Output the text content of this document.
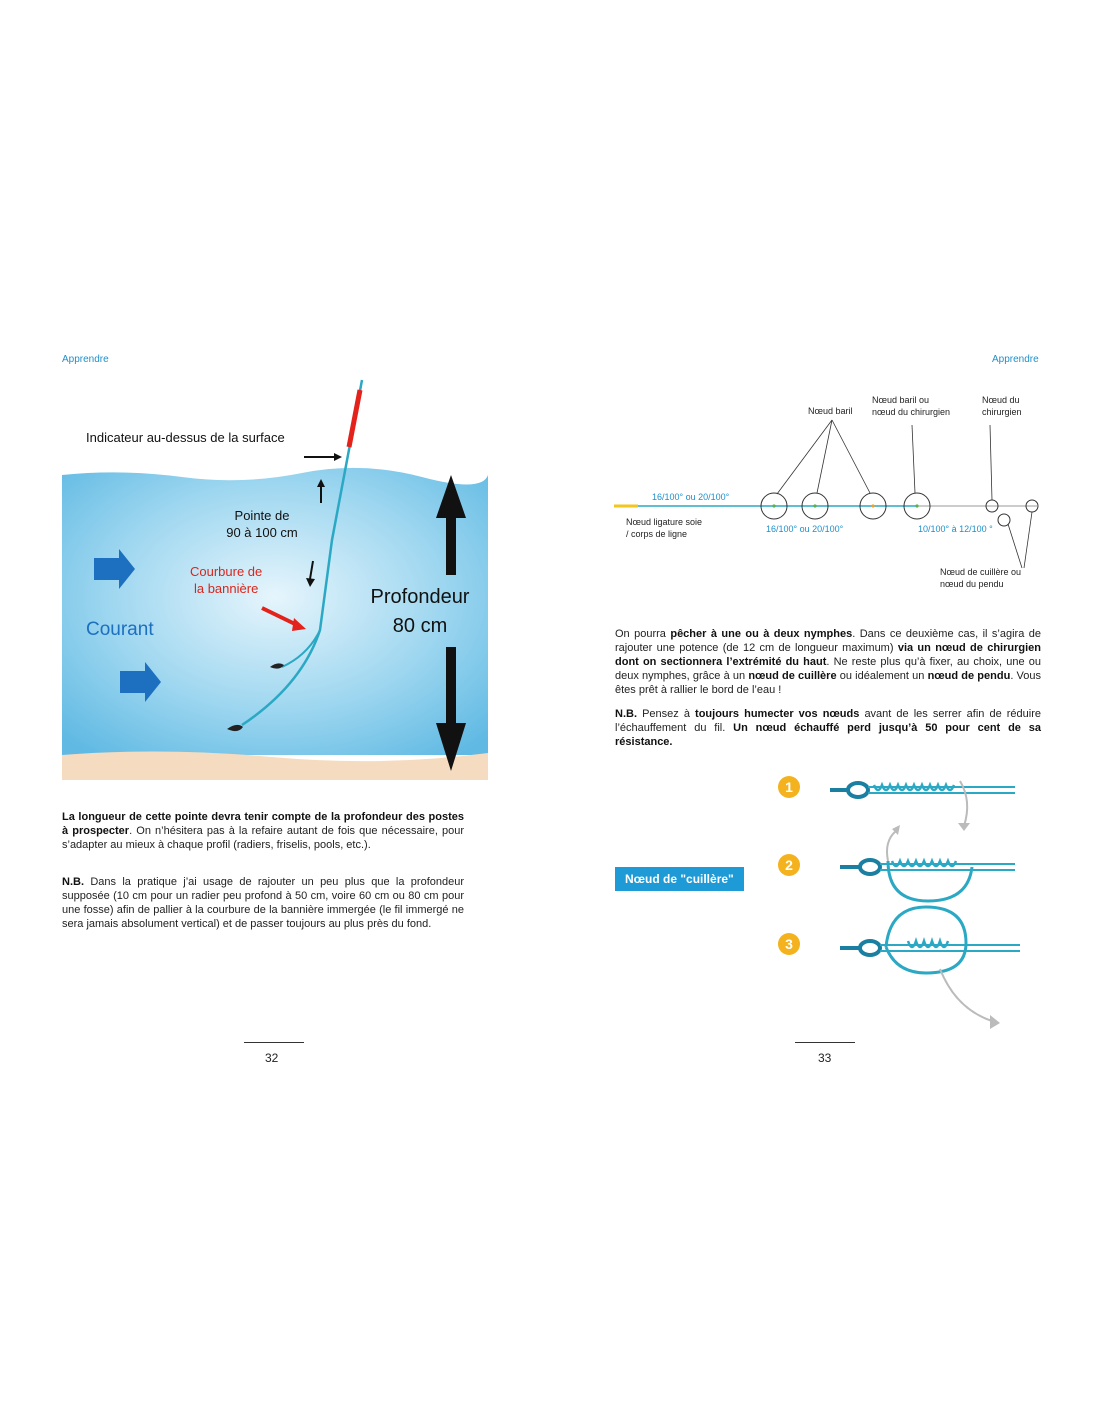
Apprendre
Indicateur au-dessus de la surface
Pointe de
90 à 100 cm
Courbure de
la bannière
Courant
Profondeur
80 cm
La longueur de cette pointe devra tenir compte de la profondeur des postes à prospecter. On n’hésitera pas à la refaire autant de fois que nécessaire, pour s’adapter au mieux à chaque profil (radiers, friselis, pools, etc.).
N.B. Dans la pratique j’ai usage de rajouter un peu plus que la profondeur supposée (10 cm pour un radier peu profond à 50 cm, voire 60 cm ou 80 cm pour une fosse) afin de pallier à la courbure de la bannière immergée (le fil immergé ne sera jamais absolument vertical) et de passer toujours au plus près du fond.
32
Apprendre
Nœud baril
Nœud baril ou
nœud du chirurgien
Nœud du
chirurgien
16/100° ou 20/100°
16/100° ou 20/100°	10/100° à 12/100 °
Nœud ligature soie
/ corps de ligne
Nœud de cuillère ou
nœud du pendu
On pourra pêcher à une ou à deux nymphes. Dans ce deuxième cas, il s’agira de rajouter une potence (de 12 cm de longueur maximum) via un nœud de chirurgien dont on sectionnera l’extrémité du haut. Ne reste plus qu’à fixer, au choix, une ou deux nymphes, grâce à un nœud de cuillère ou idéalement un nœud de pendu. Vous êtes prêt à rallier le bord de l’eau !
N.B. Pensez à toujours humecter vos nœuds avant de les serrer afin de réduire l’échauffement du fil. Un nœud échauffé perd jusqu’à 50 pour cent de sa résistance.
Nœud de "cuillère"
1
2
3
33
